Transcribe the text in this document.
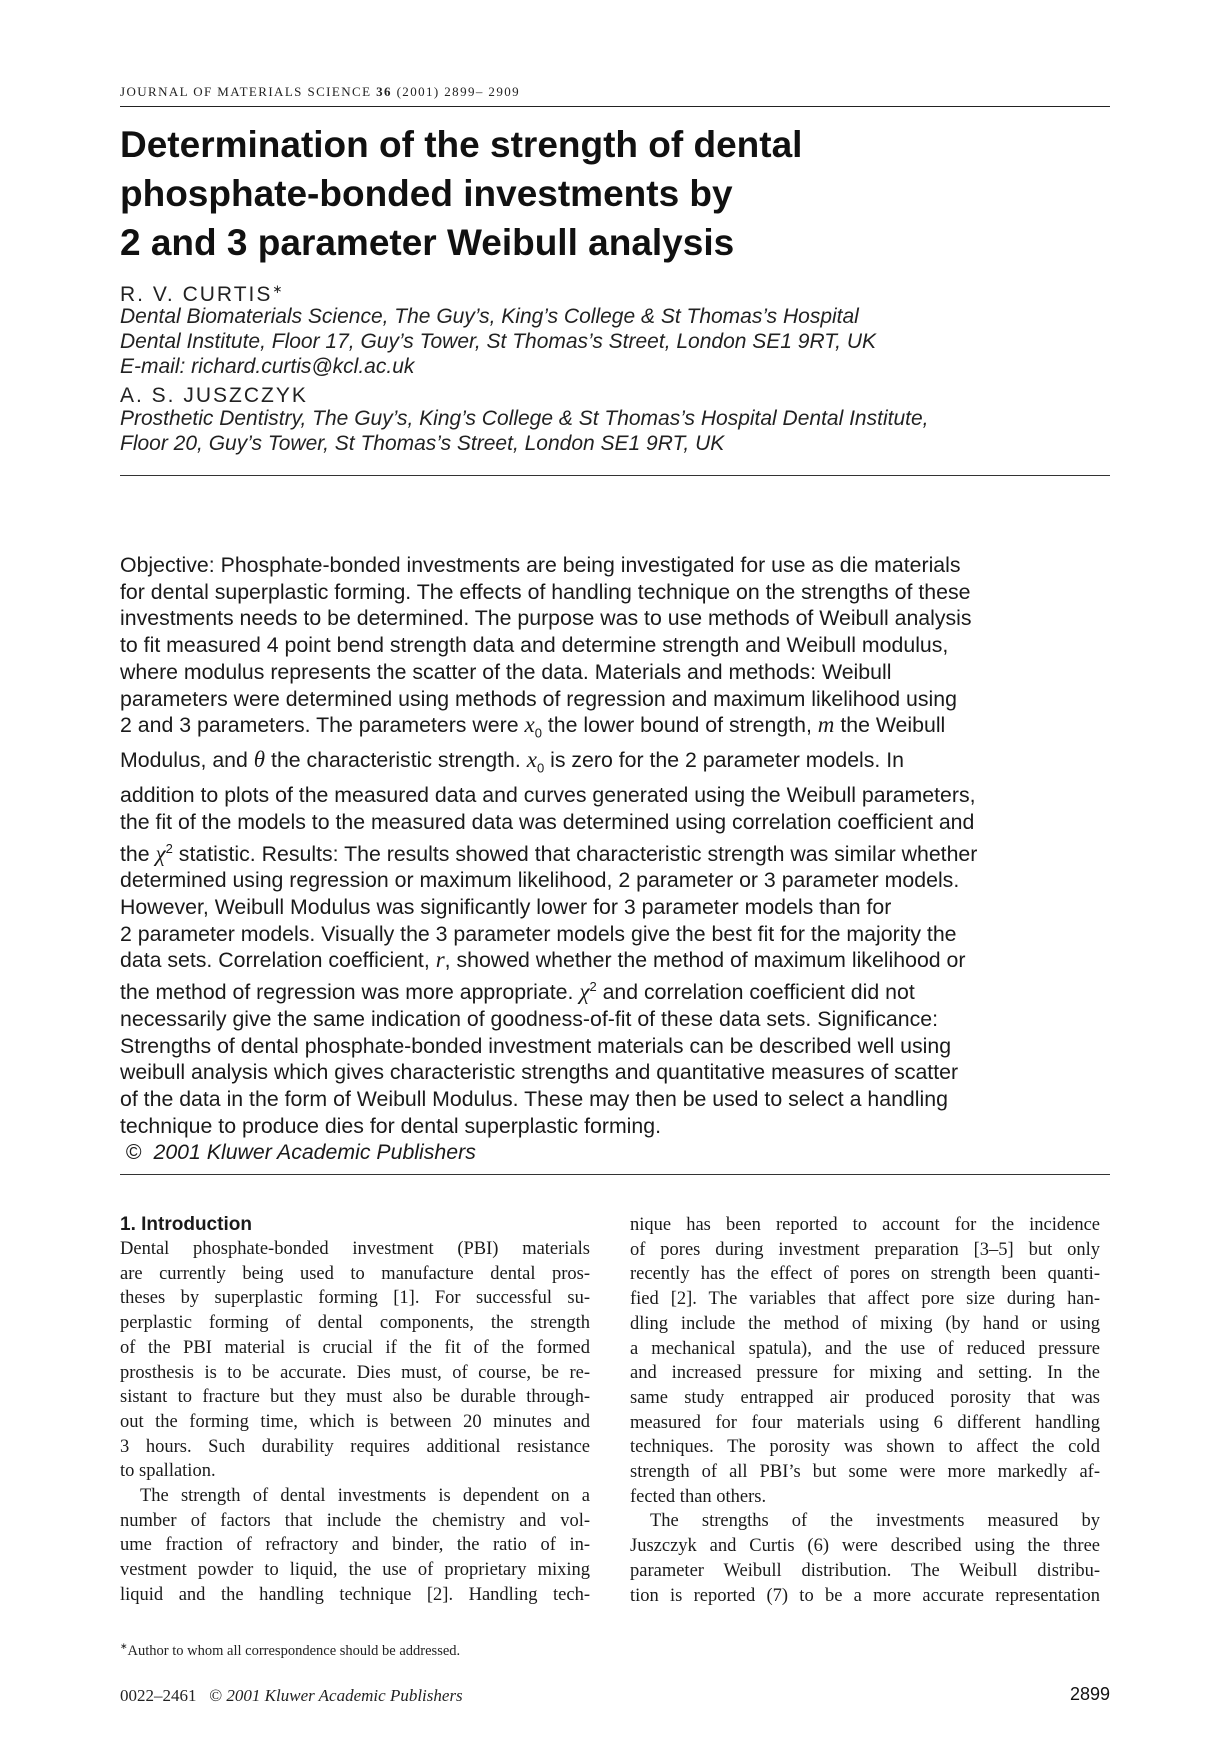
JOURNAL OF MATERIALS SCIENCE 36 (2001) 2899– 2909
Determination of the strength of dental
phosphate-bonded investments by
2 and 3 parameter Weibull analysis
R. V. CURTIS∗
Dental Biomaterials Science, The Guy’s, King’s College & St Thomas’s Hospital
Dental Institute, Floor 17, Guy’s Tower, St Thomas’s Street, London SE1 9RT, UK
E-mail: richard.curtis@kcl.ac.uk
A. S. JUSZCZYK
Prosthetic Dentistry, The Guy’s, King’s College & St Thomas’s Hospital Dental Institute,
Floor 20, Guy’s Tower, St Thomas’s Street, London SE1 9RT, UK
Objective: Phosphate-bonded investments are being investigated for use as die materials
for dental superplastic forming. The effects of handling technique on the strengths of these
investments needs to be determined. The purpose was to use methods of Weibull analysis
to fit measured 4 point bend strength data and determine strength and Weibull modulus,
where modulus represents the scatter of the data. Materials and methods: Weibull
parameters were determined using methods of regression and maximum likelihood using
2 and 3 parameters. The parameters were $x_0$ the lower bound of strength, m the Weibull
Modulus, and θ the characteristic strength. $x_0$ is zero for the 2 parameter models. In
addition to plots of the measured data and curves generated using the Weibull parameters,
the fit of the models to the measured data was determined using correlation coefficient and
the $\chi^2$ statistic. Results: The results showed that characteristic strength was similar whether
determined using regression or maximum likelihood, 2 parameter or 3 parameter models.
However, Weibull Modulus was significantly lower for 3 parameter models than for
2 parameter models. Visually the 3 parameter models give the best fit for the majority the
data sets. Correlation coefficient, r, showed whether the method of maximum likelihood or
the method of regression was more appropriate. $\chi^2$ and correlation coefficient did not
necessarily give the same indication of goodness-of-fit of these data sets. Significance:
Strengths of dental phosphate-bonded investment materials can be described well using
weibull analysis which gives characteristic strengths and quantitative measures of scatter
of the data in the form of Weibull Modulus. These may then be used to select a handling
technique to produce dies for dental superplastic forming.
© 2001 Kluwer Academic Publishers
1. Introduction
Dental phosphate-bonded investment (PBI) materials
are currently being used to manufacture dental pros-
theses by superplastic forming [1]. For successful su-
perplastic forming of dental components, the strength
of the PBI material is crucial if the fit of the formed
prosthesis is to be accurate. Dies must, of course, be re-
sistant to fracture but they must also be durable through-
out the forming time, which is between 20 minutes and
3 hours. Such durability requires additional resistance
to spallation.
The strength of dental investments is dependent on a
number of factors that include the chemistry and vol-
ume fraction of refractory and binder, the ratio of in-
vestment powder to liquid, the use of proprietary mixing
liquid and the handling technique [2]. Handling tech-
nique has been reported to account for the incidence
of pores during investment preparation [3–5] but only
recently has the effect of pores on strength been quanti-
fied [2]. The variables that affect pore size during han-
dling include the method of mixing (by hand or using
a mechanical spatula), and the use of reduced pressure
and increased pressure for mixing and setting. In the
same study entrapped air produced porosity that was
measured for four materials using 6 different handling
techniques. The porosity was shown to affect the cold
strength of all PBI’s but some were more markedly af-
fected than others.
The strengths of the investments measured by
Juszczyk and Curtis (6) were described using the three
parameter Weibull distribution. The Weibull distribu-
tion is reported (7) to be a more accurate representation
∗Author to whom all correspondence should be addressed.
0022–2461 © 2001 Kluwer Academic Publishers	2899
